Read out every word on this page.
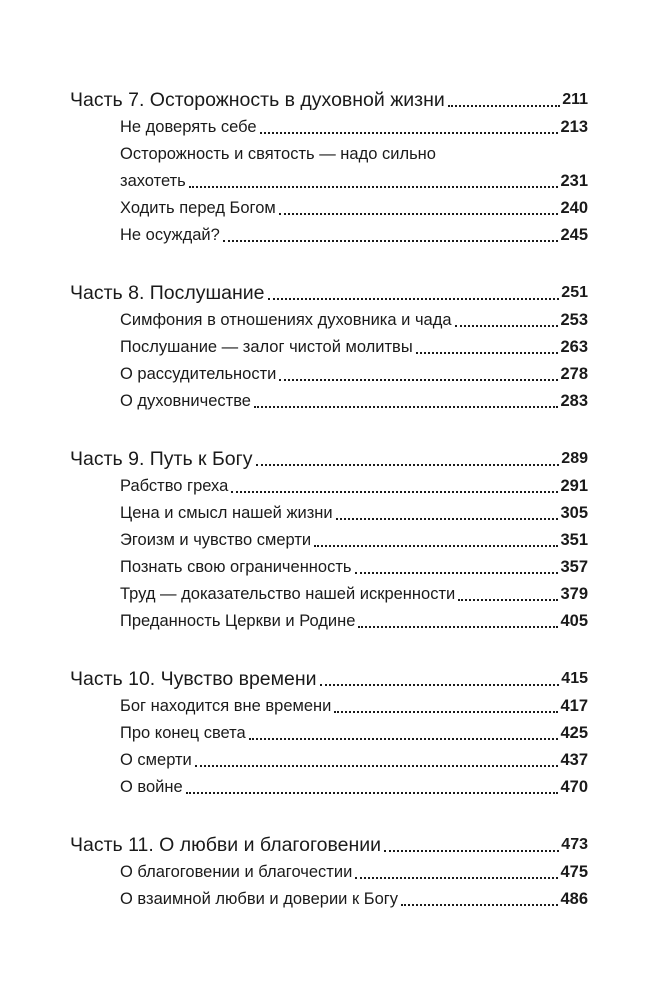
Часть 7. Осторожность в духовной жизни	211
Не доверять себе	213
Осторожность и святость — надо сильно
захотеть	231
Ходить перед Богом	240
Не осуждай?	245
Часть 8. Послушание	251
Симфония в отношениях духовника и чада	253
Послушание — залог чистой молитвы	263
О рассудительности	278
О духовничестве	283
Часть 9. Путь к Богу	289
Рабство греха	291
Цена и смысл нашей жизни	305
Эгоизм и чувство смерти	351
Познать свою ограниченность	357
Труд — доказательство нашей искренности	379
Преданность Церкви и Родине	405
Часть 10. Чувство времени	415
Бог находится вне времени	417
Про конец света	425
О смерти	437
О войне	470
Часть 11. О любви и благоговении	473
О благоговении и благочестии	475
О взаимной любви и доверии к Богу	486
